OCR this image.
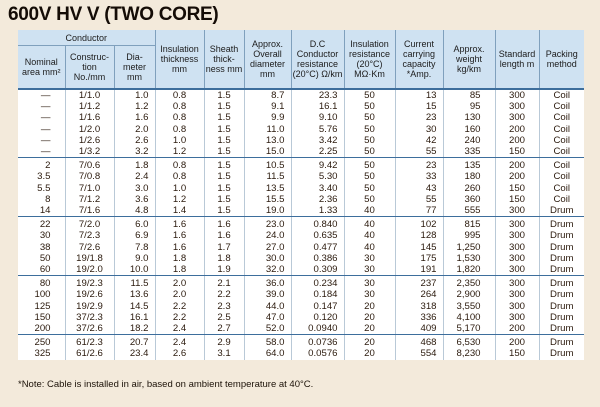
600V HV V (TWO CORE)
Conductor			Insulation thickness mm	Sheath thick-ness mm	Approx. Overall diameter mm	D.C Conductor resistance (20°C) Ω/km	Insulation resistance (20°C) MΩ·Km	Current carrying capacity *Amp.	Approx. weight kg/km	Standard length m	Packing method
Nominal area mm²	Construc-tion No./mm	Dia-meter mm									
—	1/1.0	1.0	0.8	1.5	8.7	23.3	50	13	85	300	Coil
—	1/1.2	1.2	0.8	1.5	9.1	16.1	50	15	95	300	Coil
—	1/1.6	1.6	0.8	1.5	9.9	9.10	50	23	130	300	Coil
—	1/2.0	2.0	0.8	1.5	11.0	5.76	50	30	160	200	Coil
—	1/2.6	2.6	1.0	1.5	13.0	3.42	50	42	240	200	Coil
—	1/3.2	3.2	1.2	1.5	15.0	2.25	50	55	335	150	Coil
2	7/0.6	1.8	0.8	1.5	10.5	9.42	50	23	135	200	Coil
3.5	7/0.8	2.4	0.8	1.5	11.5	5.30	50	33	180	200	Coil
5.5	7/1.0	3.0	1.0	1.5	13.5	3.40	50	43	260	150	Coil
8	7/1.2	3.6	1.2	1.5	15.5	2.36	50	55	360	150	Coil
14	7/1.6	4.8	1.4	1.5	19.0	1.33	40	77	555	300	Drum
22	7/2.0	6.0	1.6	1.6	23.0	0.840	40	102	815	300	Drum
30	7/2.3	6.9	1.6	1.6	24.0	0.635	40	128	995	300	Drum
38	7/2.6	7.8	1.6	1.7	27.0	0.477	40	145	1,250	300	Drum
50	19/1.8	9.0	1.8	1.8	30.0	0.386	30	175	1,530	300	Drum
60	19/2.0	10.0	1.8	1.9	32.0	0.309	30	191	1,820	300	Drum
80	19/2.3	11.5	2.0	2.1	36.0	0.234	30	237	2,350	300	Drum
100	19/2.6	13.6	2.0	2.2	39.0	0.184	30	264	2,900	300	Drum
125	19/2.9	14.5	2.2	2.3	44.0	0.147	20	318	3,550	300	Drum
150	37/2.3	16.1	2.2	2.5	47.0	0.120	20	336	4,100	300	Drum
200	37/2.6	18.2	2.4	2.7	52.0	0.0940	20	409	5,170	200	Drum
250	61/2.3	20.7	2.4	2.9	58.0	0.0736	20	468	6,530	200	Drum
325	61/2.6	23.4	2.6	3.1	64.0	0.0576	20	554	8,230	150	Drum
*Note: Cable is installed in air, based on ambient temperature at 40°C.
